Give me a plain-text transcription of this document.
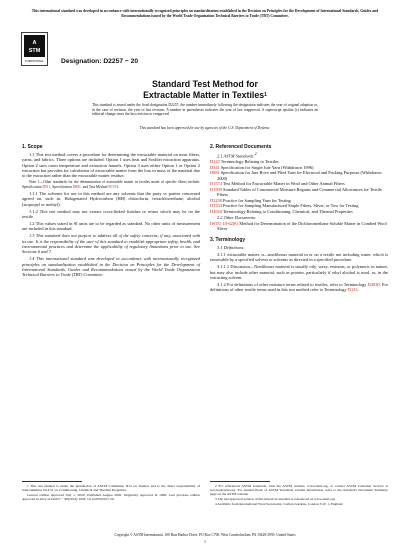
This international standard was developed in accordance with internationally recognized principles on standardization established in the Decision on Principles for the Development of International Standards, Guides and Recommendations issued by the World Trade Organization Technical Barriers to Trade (TBT) Committee.
A
STM
INTERNATIONAL	Designation: D2257 − 20
Standard Test Method for
Extractable Matter in Textiles$^1$
This standard is issued under the fixed designation D2257; the number immediately following the designation indicates the year of original adoption or, in the case of revision, the year of last revision. A number in parentheses indicates the year of last reapproval. A superscript epsilon (ε) indicates an editorial change since the last revision or reapproval.
This standard has been approved for use by agencies of the U.S. Department of Defense.
1. Scope

1.1 This test method covers a procedure for determining the extractable material on most fibers, yarns, and fabrics. Three options are included. Option 1 uses heat and Soxhlet extraction apparatus. Option 2 uses room temperature and extraction funnels. Option 3 uses either Option 1 or Option 2 extraction but provides for calculation of extractable matter from the loss in mass of the material due to the extraction rather than the extractable matter residue.

Note 1—Other standards for the determination of extractable matter in textiles made of specific fibers include: Specification D511, Specification D681, and Test Method D1574.

1.1.1 The solvents for use in this method are any solvents that the party or parties concerned agreed on, such as. Halogenated Hydrocarbon (HH) chloroform, tetrachloroethane, alcohol (isopropyl or methyl).

1.1.2 This test method may not extract cross-linked finishes or resins which may be on the textile.

1.2 This values stated in SI units are to be regarded as standard. No other units of measurement are included in this standard.

1.3 This standard does not purport to address all of the safety concerns, if any, associated with its use. It is the responsibility of the user of this standard to establish appropriate safety, health, and environmental practices and determine the applicability of regulatory limitations prior to use. See Sections 6 and 7.

1.4 This international standard was developed in accordance with internationally recognized principles on standardization established in the Decision on Principles for the Development of International Standards, Guides and Recommendations issued by the World Trade Organization Technical Barriers to Trade (TBT) Committee.

2. Referenced Documents
2.1 ASTM Standards:$^2$
D123 Terminology Relating to Textiles
D541 Specification for Single Jute Yarn (Withdrawn 1996)
D681 Specification for Jute Rove and Plied Yarn for Electrical and Packing Purposes (Withdrawn 2000)
D1574 Test Method for Extractable Matter in Wool and Other Animal Fibers
D1909 Standard Tables of Commercial Moisture Regains and Commercial Allowances for Textile Fibers
D2258 Practice for Sampling Yarn for Testing
D3333 Practice for Sampling Manufactured Staple Fibers, Sliver, or Tow for Testing
D4920 Terminology Relating to Conditioning, Chemical, and Thermal Properties
2.2 Other Documents:
IWTO 10-62(E) Method for Determination of the Dichloromethane Soluble Matter in Combed Wool Sliver
3. Terminology

3.1 Definitions:

3.1.1 extractable matter, n—nonfibrous material in or on a textile not including water, which is removable by a specified solvent or solvents as directed in a specified procedure.

3.1.1.1 Discussion—Nonfibrous material is usually oily, waxy, resinous, or polymeric in nature, but may also include other material, such as protein, particularly if ethyl alcohol is used, or, in the extracting solvent.

3.1.2 For definitions of other moisture terms related to textiles, refer to Terminology D4920. For definitions of other textile terms used in this test method refer to Terminology D123.

1 This test method is under the jurisdiction of ASTM Committee D13 on Textiles and is the direct responsibility of Subcommittee D13.51 on Conditioning, Chemical and Thermal Properties.

Current edition approved July 1, 2020. Published August 2020. Originally approved in 1999. Last previous edition approved in 2012 as D2257 − 98(2012). DOI: 10.1520/D2257-20.

2 For referenced ASTM standards, visit the ASTM website, www.astm.org, or contact ASTM Customer Service at service@astm.org. For Annual Book of ASTM Standards volume information, refer to the standard's Document Summary page on the ASTM website.

3 The last approved version of this historical standard is referenced on www.astm.org.

4 Available from International Wool Secretariat, Carlton Gardens, London S.W. 1, England.

Copyright © ASTM International, 100 Barr Harbor Drive, PO Box C700, West Conshohocken, PA 19428-2959. United States
1
